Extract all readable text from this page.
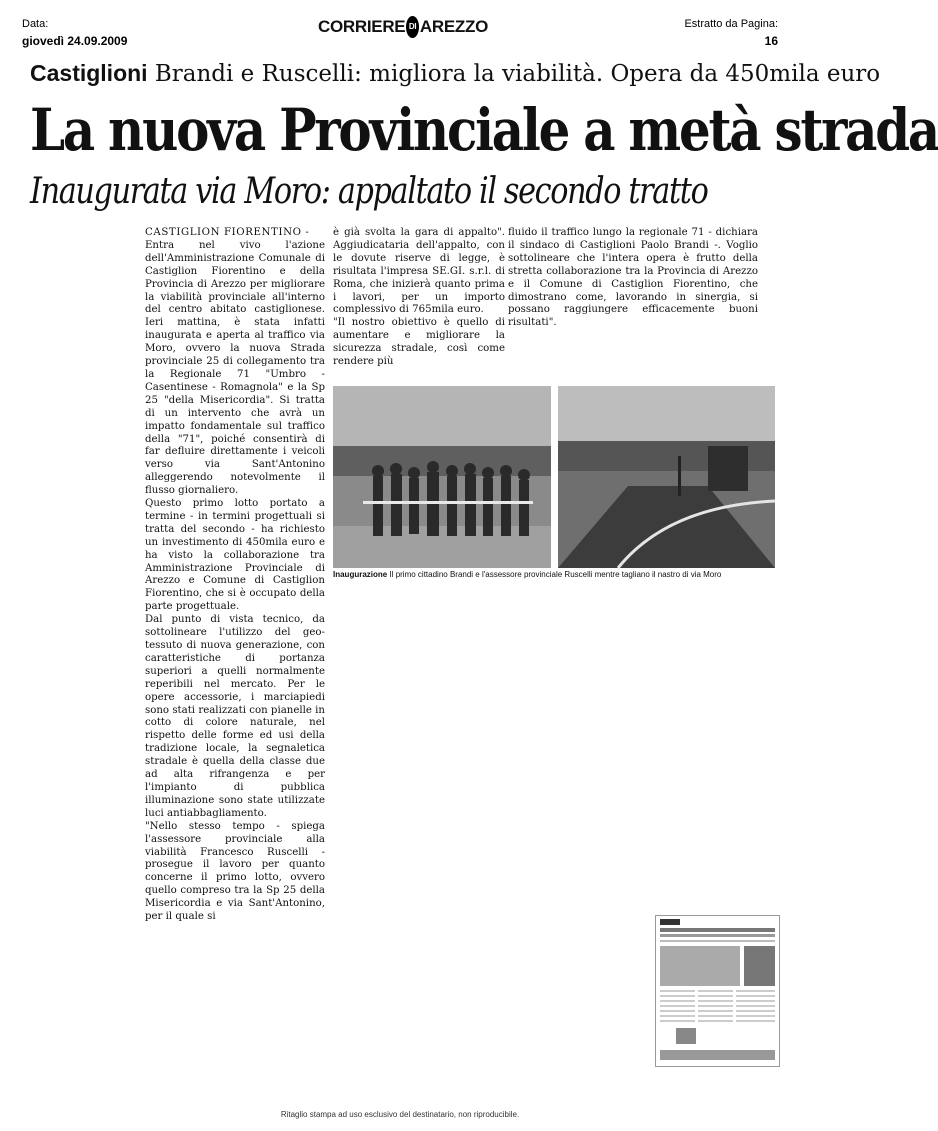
Data:
giovedì 24.09.2009
CORRIERE DI AREZZO	Estratto da Pagina:
16
Castiglioni Brandi e Ruscelli: migliora la viabilità. Opera da 450mila euro
La nuova Provinciale a metà strada
Inaugurata via Moro: appaltato il secondo tratto

CASTIGLION FIORENTINO -

Entra nel vivo l'azione dell'Amministrazione Comunale di Castiglion Fiorentino e della Provincia di Arezzo per migliorare la viabilità provinciale all'interno del centro abitato castiglionese. Ieri mattina, è stata infatti inaugurata e aperta al traffico via Moro, ovvero la nuova Strada provinciale 25 di collegamento tra la Regionale 71 "Umbro - Casentinese - Romagnola" e la Sp 25 "della Misericordia". Si tratta di un intervento che avrà un impatto fondamentale sul traffico della "71", poiché consentirà di far defluire direttamente i veicoli verso via Sant'Antonino alleggerendo notevolmente il flusso giornaliero.

Questo primo lotto portato a termine - in termini progettuali si tratta del secondo - ha richiesto un investimento di 450mila euro e ha visto la collaborazione tra Amministrazione Provinciale di Arezzo e Comune di Castiglion Fiorentino, che si è occupato della parte progettuale.

Dal punto di vista tecnico, da sottolineare l'utilizzo del geo-tessuto di nuova generazione, con caratteristiche di portanza superiori a quelli normalmente reperibili nel mercato. Per le opere accessorie, i marciapiedi sono stati realizzati con pianelle in cotto di colore naturale, nel rispetto delle forme ed usi della tradizione locale, la segnaletica stradale è quella della classe due ad alta rifrangenza e per l'impianto di pubblica illuminazione sono state utilizzate luci antiabbagliamento.

"Nello stesso tempo - spiega l'assessore provinciale alla viabilità Francesco Ruscelli - prosegue il lavoro per quanto concerne il primo lotto, ovvero quello compreso tra la Sp 25 della Misericordia e via Sant'Antonino, per il quale si

è già svolta la gara di appalto". Aggiudicataria dell'appalto, con le dovute riserve di legge, è risultata l'impresa SE.GI. s.r.l. di Roma, che inizierà quanto prima i lavori, per un importo complessivo di 765mila euro.

"Il nostro obiettivo è quello di aumentare e migliorare la sicurezza stradale, così come rendere più

fluido il traffico lungo la regionale 71 - dichiara il sindaco di Castiglioni Paolo Brandi -. Voglio sottolineare che l'intera opera è frutto della stretta collaborazione tra la Provincia di Arezzo e il Comune di Castiglion Fiorentino, che dimostrano come, lavorando in sinergia, si possano raggiungere efficacemente buoni risultati".

Inaugurazione Il primo cittadino Brandi e l'assessore provinciale Ruscelli mentre tagliano il nastro di via Moro
Ritaglio stampa ad uso esclusivo del destinatario, non riproducibile.
